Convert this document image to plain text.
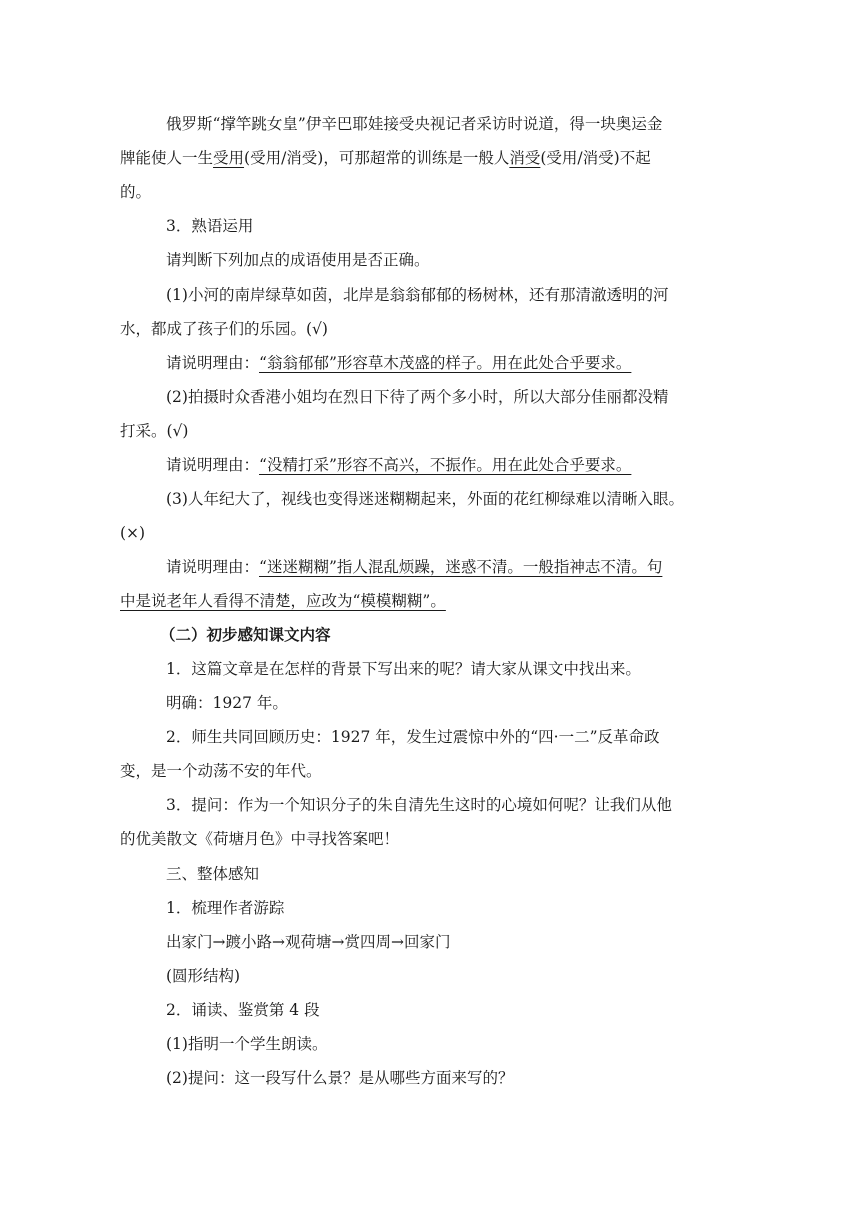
俄罗斯“撑竿跳女皇”伊辛巴耶娃接受央视记者采访时说道，得一块奥运金

牌能使人一生受用(受用/消受)，可那超常的训练是一般人消受(受用/消受)不起

的。

3．熟语运用

请判断下列加点的成语使用是否正确。

(1)小河的南岸绿草如茵，北岸是翁翁郁郁的杨树林，还有那清澈透明的河

水，都成了孩子们的乐园。(√)

请说明理由：“翁翁郁郁”形容草木茂盛的样子。用在此处合乎要求。

(2)拍摄时众香港小姐均在烈日下待了两个多小时，所以大部分佳丽都没精

打采。(√)

请说明理由：“没精打采”形容不高兴，不振作。用在此处合乎要求。

(3)人年纪大了，视线也变得迷迷糊糊起来，外面的花红柳绿难以清晰入眼。

(×)

请说明理由：“迷迷糊糊”指人混乱烦躁，迷惑不清。一般指神志不清。句

中是说老年人看得不清楚，应改为“模模糊糊”。

（二）初步感知课文内容

1．这篇文章是在怎样的背景下写出来的呢？请大家从课文中找出来。

明确：1927 年。

2．师生共同回顾历史：1927 年，发生过震惊中外的“四·一二”反革命政

变，是一个动荡不安的年代。

3．提问：作为一个知识分子的朱自清先生这时的心境如何呢？让我们从他

的优美散文《荷塘月色》中寻找答案吧！

三、整体感知

1．梳理作者游踪

出家门→踱小路→观荷塘→赏四周→回家门

(圆形结构)

2．诵读、鉴赏第 4 段

(1)指明一个学生朗读。

(2)提问：这一段写什么景？是从哪些方面来写的？
